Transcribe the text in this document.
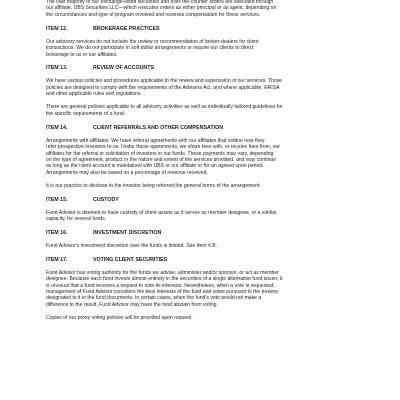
The vast majority of our exchange-listed securities and over-the-counter orders are executed through
our affiliate, UBS Securities LLC—which executes orders as either principal or as agent, depending on
the circumstances and type of program involved and receives compensation for those services.

ITEM 12.	BROKERAGE PRACTICES

Our advisory services do not include the review or recommendation of broker-dealers for client
transactions. We do not participate in soft dollar arrangements or require our clients to direct
brokerage to us or our affiliates.

ITEM 13.	REVIEW OF ACCOUNTS

We have various policies and procedures applicable to the review and supervision of our services. Those
policies are designed to comply with the requirements of the Advisers Act, and where applicable, ERISA
and other applicable rules and regulations.

There are general policies applicable to all advisory activities as well as individually tailored guidelines for
the specific requirements of a fund.

ITEM 14.	CLIENT REFERRALS AND OTHER COMPENSATION

Arrangements with affiliates: We have referral agreements with our affiliates that outline how they
refer prospective investors to us. Under those agreements, we share fees with, or receive fees from, our
affiliates for the referral or solicitation of investors in our funds. These payments may vary, depending
on the type of agreement, product or the nature and extent of the services provided, and may continue
as long as the client account is maintained with UBS or our affiliate or for an agreed upon period.
Arrangements may also be based on a percentage of revenue received.

It is our practice to disclose to the investor being referred the general terms of the arrangement.

ITEM 15.	CUSTODY

Fund Advisor is deemed to have custody of client assets as it serves as member designee, or a similar
capacity, for several funds.

ITEM 16.	INVESTMENT DISCRETION

Fund Advisor's investment discretion over the funds is limited. See Item 4.B.

ITEM 17.	VOTING CLIENT SECURITIES

Fund Advisor has voting authority for the funds we advise, administer and/or sponsor, or act as member
designee. Because each fund invests almost entirely in the securities of a single alternative fund issuer, it
is unusual that a fund receives a request to vote its interests. Nevertheless, when a vote is requested,
management of Fund Advisor considers the best interests of the fund and votes pursuant to the powers
designated to it in the fund documents. In certain cases, when the fund's vote would not make a
difference to the result, Fund Advisor may have the fund abstain from voting.

Copies of our proxy voting policies will be provided upon request.
